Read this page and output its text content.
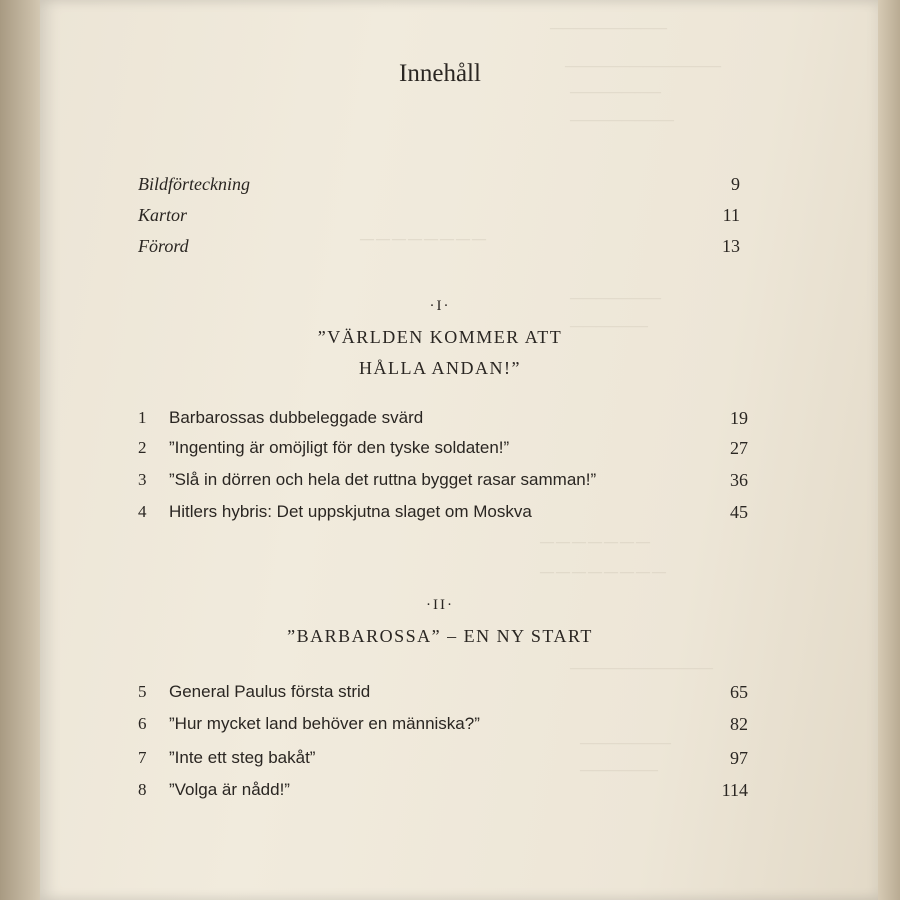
―――――――――
――――――――――――
―――――――
――――――――
――――――――
―――――――
――――――
―――――――
――――――――
―――――――――――
―――――――
――――――
Innehåll
Bildförteckning	9
Kartor	11
Förord	13
·I·
”VÄRLDEN KOMMER ATT
HÅLLA ANDAN!”
1 Barbarossas dubbeleggade svärd	19
2 ”Ingenting är omöjligt för den tyske soldaten!”	27
3 ”Slå in dörren och hela det ruttna bygget rasar samman!”	36
4 Hitlers hybris: Det uppskjutna slaget om Moskva	45
·II·
”BARBAROSSA” – EN NY START
5 General Paulus första strid	65
6 ”Hur mycket land behöver en människa?”	82
7 ”Inte ett steg bakåt”	97
8 ”Volga är nådd!”	114
